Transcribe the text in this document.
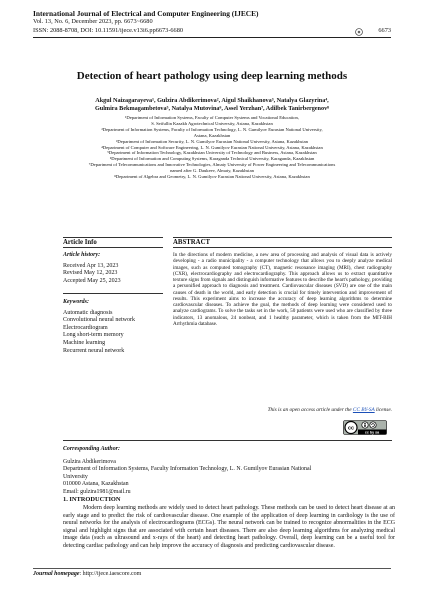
International Journal of Electrical and Computer Engineering (IJECE)
Vol. 13, No. 6, December 2023, pp. 6673~6680
ISSN: 2088-8708, DOI: 10.11591/ijece.v13i6.pp6673-6680	6673
Detection of heart pathology using deep learning methods
Akgul Naizagarayeva¹, Gulzira Abdikerimova², Aigul Shaikhanova³, Natalya Glazyrina⁴,
Gulmira Bekmagambetova⁵, Natalya Mutovina⁶, Assel Yerzhan⁷, Adilbek Tanirbergenov⁸
¹Department of Information Systems, Faculty of Computer Systems and Vocational Education,
S. Seifullin Kazakh Agrotechnical University, Astana, Kazakhstan
²Department of Information Systems, Faculty of Information Technology, L. N. Gumilyov Eurasian National University,
Astana, Kazakhstan
³Department of Information Security, L. N. Gumilyov Eurasian National University, Astana, Kazakhstan
⁴Department of Computer and Software Engineering, L. N. Gumilyov Eurasian National University, Astana, Kazakhstan
⁵Department of Information Technology, Kazakhstan University of Technology and Business, Astana, Kazakhstan
⁶Department of Information and Computing Systems, Karaganda Technical University, Karaganda, Kazakhstan
⁷Department of Telecommunications and Innovative Technologies, Almaty University of Power Engineering and Telecommunications
named after G. Daukeev, Almaty, Kazakhstan
⁸Department of Algebra and Geometry, L. N. Gumilyov Eurasian National University, Astana, Kazakhstan
Article Info	ABSTRACT
Article history:
Received Apr 13, 2023
Revised May 12, 2023
Accepted May 25, 2023
Keywords:
Automatic diagnosis
Convolutional neural network
Electrocardiogram
Long short-term memory
Machine learning
Recurrent neural network
In the directions of modern medicine, a new area of processing and analysis of visual data is actively developing - a radio municipality - a computer technology that allows you to deeply analyze medical images, such as computed tomography (CT), magnetic resonance imaging (MRI), chest radiography (CXR), electrocardiography and electrocardiography. This approach allows us to extract quantitative texture signs from signals and distinguish informative features to describe the heart's pathology, providing a personified approach to diagnosis and treatment. Cardiovascular diseases (SVD) are one of the main causes of death in the world, and early detection is crucial for timely intervention and improvement of results. This experiment aims to increase the accuracy of deep learning algorithms to determine cardiovascular diseases. To achieve the goal, the methods of deep learning were considered used to analyze cardiograms. To solve the tasks set in the work, 50 patients were used who are classified by three indicators, 13 anomalous, 24 nonbeat, and 1 healthy parameter, which is taken from the MIT-BIH Arrhythmia database.
This is an open access article under the CC BY-SA license.
cc
cc by sa
Corresponding Author:
Gulzira Abdikerimova
Department of Information Systems, Faculty Information Technology, L. N. Gumilyov Eurasian National
University
010000 Astana, Kazakhstan
Email: gulzira1981@mail.ru
1. INTRODUCTION

Modern deep learning methods are widely used to detect heart pathology. These methods can be used to detect heart disease at an early stage and to predict the risk of cardiovascular disease. One example of the application of deep learning in cardiology is the use of neural networks for the analysis of electrocardiograms (ECGs). The neural network can be trained to recognize abnormalities in the ECG signal and highlight signs that are associated with certain heart diseases. There are also deep learning algorithms for analyzing medical image data (such as ultrasound and x-rays of the heart) and detecting heart pathology. Overall, deep learning can be a useful tool for detecting cardiac pathology and can help improve the accuracy of diagnosis and predicting cardiovascular disease.

Journal homepage: http://ijece.iaescore.com
